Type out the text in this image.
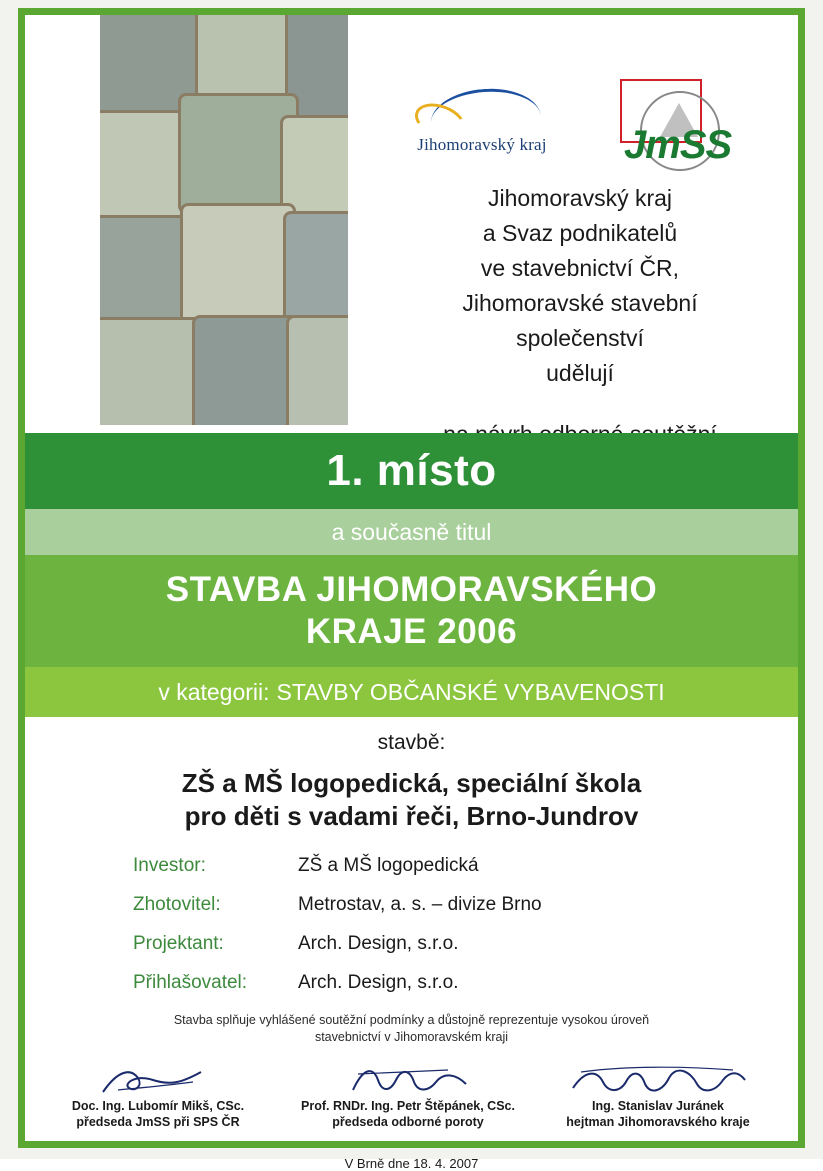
Jihomoravský kraj	JmSS
Jihomoravský kraj
a Svaz podnikatelů
ve stavebnictví ČR,
Jihomoravské stavební
společenství
udělují
1. místo
a současně titul
STAVBA JIHOMORAVSKÉHO
KRAJE 2006
v kategorii: STAVBY OBČANSKÉ VYBAVENOSTI
stavbě:
ZŠ a MŠ logopedická, speciální škola
pro děti s vadami řeči, Brno-Jundrov
Investor:	ZŠ a MŠ logopedická
Zhotovitel:	Metrostav, a. s. – divize Brno
Projektant:	Arch. Design, s.r.o.
Přihlašovatel:	Arch. Design, s.r.o.
Stavba splňuje vyhlášené soutěžní podmínky a důstojně reprezentuje vysokou úroveň
stavebnictví v Jihomoravském kraji
Doc. Ing. Lubomír Mikš, CSc.
předseda JmSS při SPS ČR
Prof. RNDr. Ing. Petr Štěpánek, CSc.
předseda odborné poroty
Ing. Stanislav Juránek
hejtman Jihomoravského kraje
V Brně dne 18. 4. 2007
